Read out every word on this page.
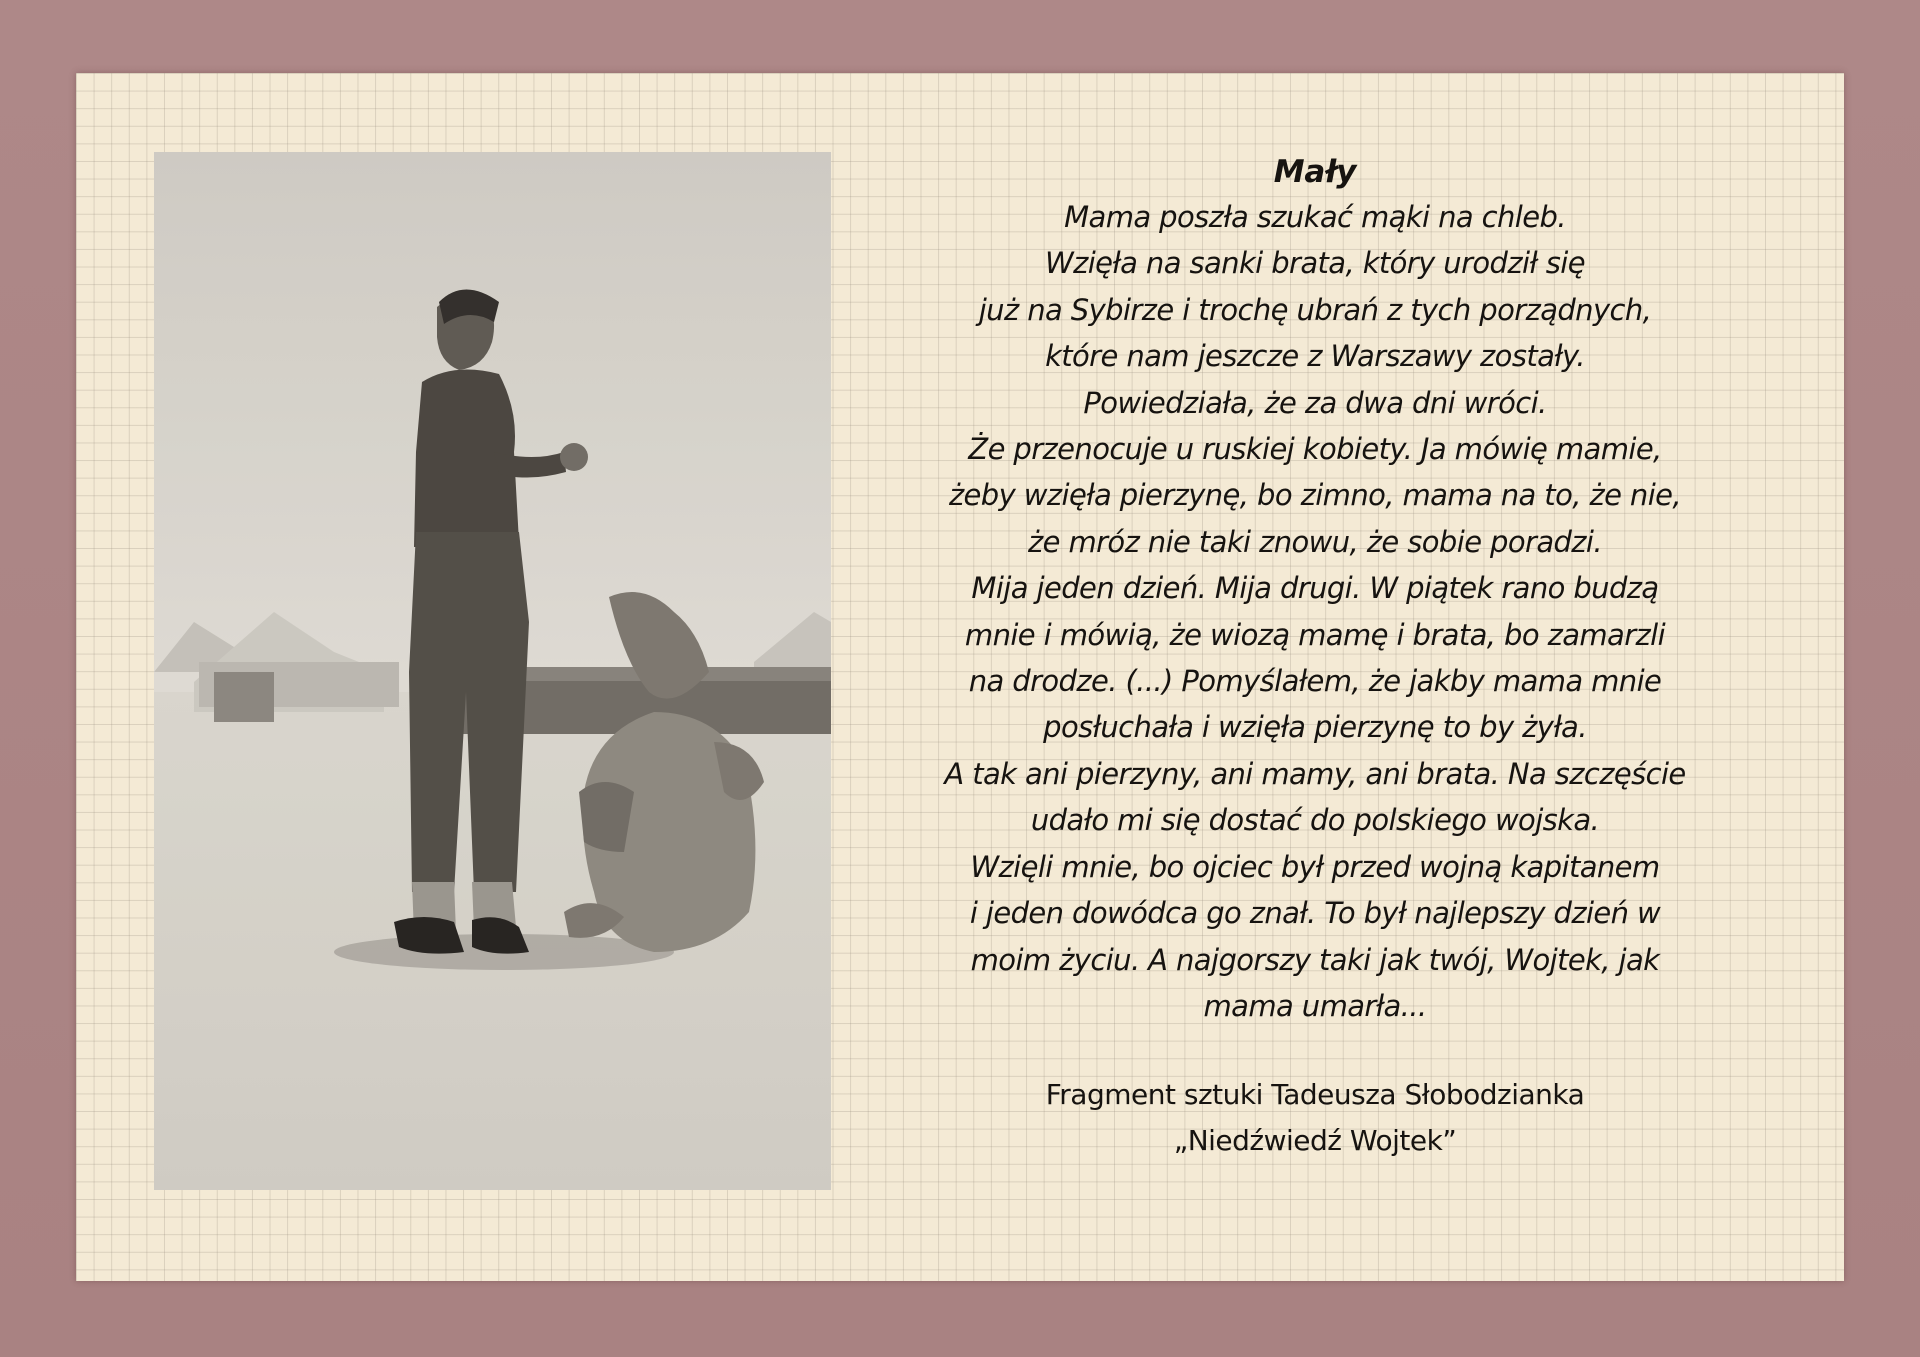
Mały
Mama poszła szukać mąki na chleb.
Wzięła na sanki brata, który urodził się
już na Sybirze i trochę ubrań z tych porządnych,
które nam jeszcze z Warszawy zostały.
Powiedziała, że za dwa dni wróci.
Że przenocuje u ruskiej kobiety. Ja mówię mamie,
żeby wzięła pierzynę, bo zimno, mama na to, że nie,
że mróz nie taki znowu, że sobie poradzi.
Mija jeden dzień. Mija drugi. W piątek rano budzą
mnie i mówią, że wiozą mamę i brata, bo zamarzli
na drodze. (...) Pomyślałem, że jakby mama mnie
posłuchała i wzięła pierzynę to by żyła.
A tak ani pierzyny, ani mamy, ani brata. Na szczęście
udało mi się dostać do polskiego wojska.
Wzięli mnie, bo ojciec był przed wojną kapitanem
i jeden dowódca go znał. To był najlepszy dzień w
moim życiu. A najgorszy taki jak twój, Wojtek, jak
mama umarła...
Fragment sztuki Tadeusza Słobodzianka
„Niedźwiedź Wojtek”
